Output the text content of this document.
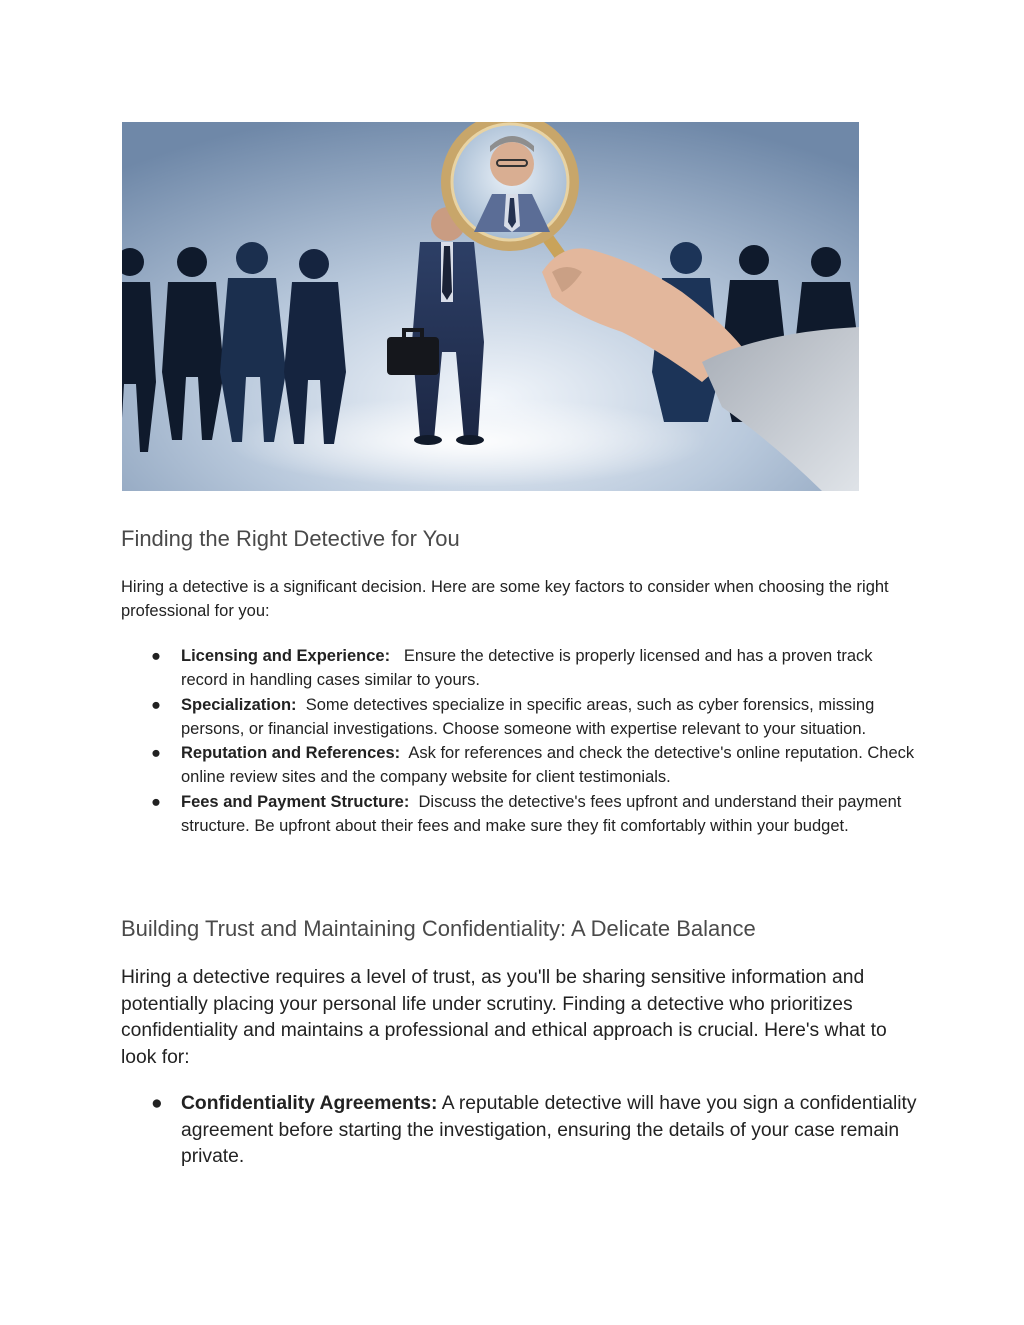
Finding the Right Detective for You

Hiring a detective is a significant decision. Here are some key factors to consider when choosing the right professional for you:

● Licensing and Experience:   Ensure the detective is properly licensed and has a proven track record in handling cases similar to yours.
● Specialization:  Some detectives specialize in specific areas, such as cyber forensics, missing persons, or financial investigations. Choose someone with expertise relevant to your situation.
● Reputation and References:  Ask for references and check the detective's online reputation. Check online review sites and the company website for client testimonials.
● Fees and Payment Structure:  Discuss the detective's fees upfront and understand their payment structure. Be upfront about their fees and make sure they fit comfortably within your budget.
Building Trust and Maintaining Confidentiality: A Delicate Balance

Hiring a detective requires a level of trust, as you'll be sharing sensitive information and potentially placing your personal life under scrutiny. Finding a detective who prioritizes confidentiality and maintains a professional and ethical approach is crucial. Here's what to look for:

● Confidentiality Agreements: A reputable detective will have you sign a confidentiality agreement before starting the investigation, ensuring the details of your case remain private.
